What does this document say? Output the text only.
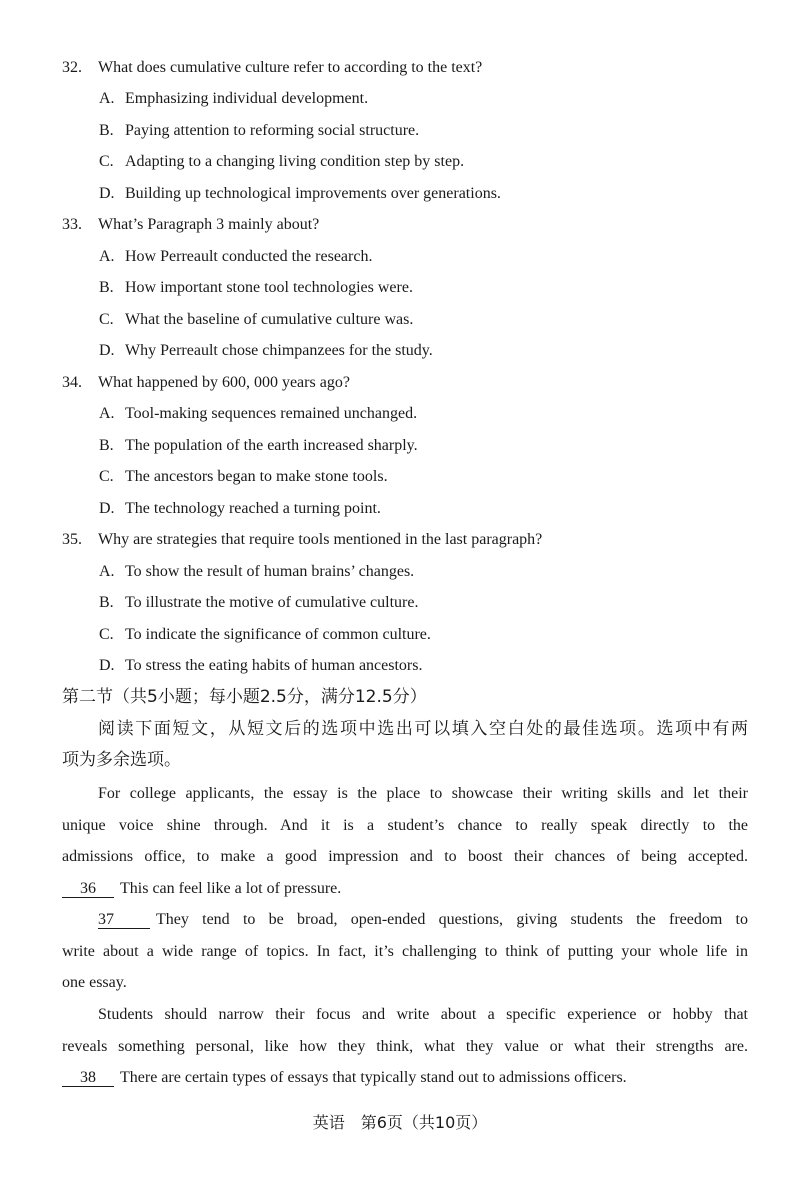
32. What does cumulative culture refer to according to the text?
A. Emphasizing individual development.
B. Paying attention to reforming social structure.
C. Adapting to a changing living condition step by step.
D. Building up technological improvements over generations.
33. What’s Paragraph 3 mainly about?
A. How Perreault conducted the research.
B. How important stone tool technologies were.
C. What the baseline of cumulative culture was.
D. Why Perreault chose chimpanzees for the study.
34. What happened by 600, 000 years ago?
A. Tool-making sequences remained unchanged.
B. The population of the earth increased sharply.
C. The ancestors began to make stone tools.
D. The technology reached a turning point.
35. Why are strategies that require tools mentioned in the last paragraph?
A. To show the result of human brains’ changes.
B. To illustrate the motive of cumulative culture.
C. To indicate the significance of common culture.
D. To stress the eating habits of human ancestors.
第二节（共5小题；每小题2.5分，满分12.5分）
阅读下面短文，从短文后的选项中选出可以填入空白处的最佳选项。选项中有两
项为多余选项。
For college applicants, the essay is the place to showcase their writing skills and let their
unique voice shine through. And it is a student’s chance to really speak directly to the
admissions office, to make a good impression and to boost their chances of being accepted.
36 This can feel like a lot of pressure.
37	They tend to be broad, open-ended questions, giving students the freedom to
write about a wide range of topics. In fact, it’s challenging to think of putting your whole life in
one essay.
Students should narrow their focus and write about a specific experience or hobby that
reveals something personal, like how they think, what they value or what their strengths are.
38 There are certain types of essays that typically stand out to admissions officers.
英语　第6页（共10页）
